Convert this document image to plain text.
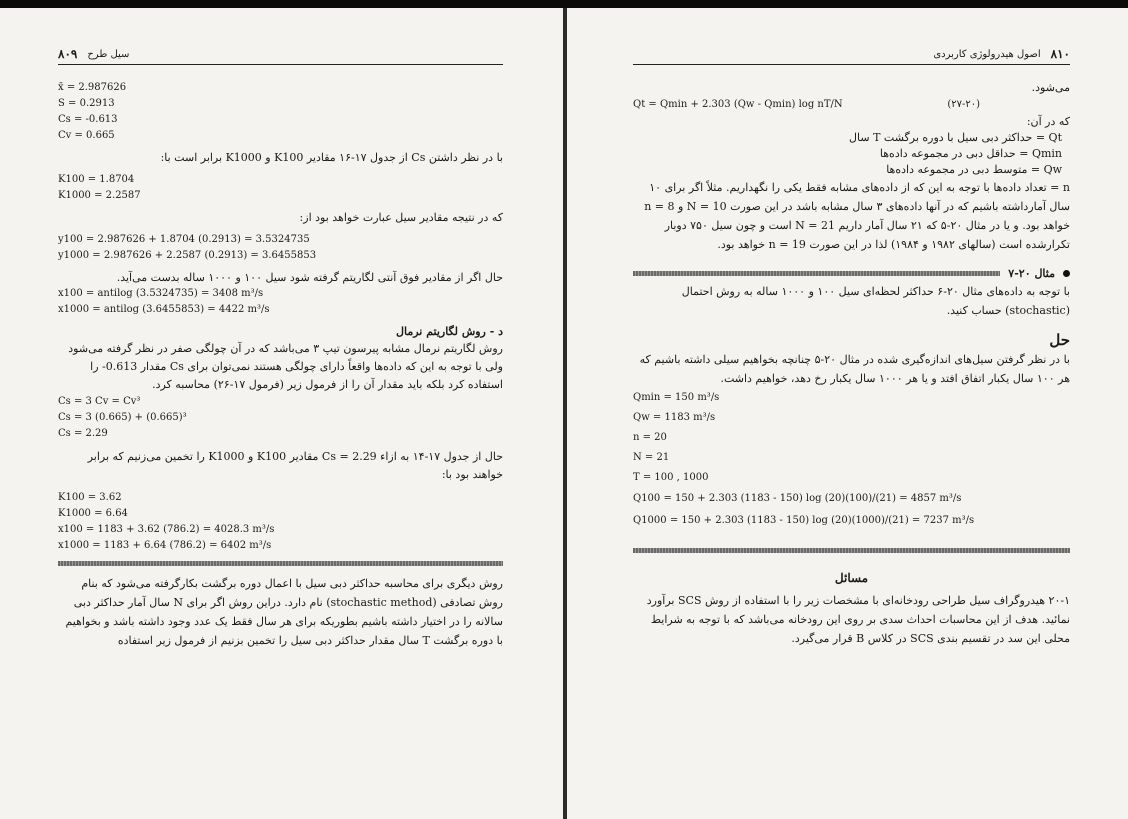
۸۰۹ سیل طرح
x̄ = 2.987626
S = 0.2913
Cs = -0.613
Cv = 0.665
با در نظر داشتن Cs از جدول ۱۷-۱۶ مقادیر K100 و K1000 برابر است با:
K100 = 1.8704
K1000 = 2.2587
که در نتیجه مقادیر سیل عبارت خواهد بود از:
y100 = 2.987626 + 1.8704 (0.2913) = 3.5324735
y1000 = 2.987626 + 2.2587 (0.2913) = 3.6455853
حال اگر از مقادیر فوق آنتی لگاریتم گرفته شود سیل ۱۰۰ و ۱۰۰۰ ساله بدست می‌آید.
x100 = antilog (3.5324735) = 3408 m³/s
x1000 = antilog (3.6455853) = 4422 m³/s
د - روش لگاریتم نرمال
روش لگاریتم نرمال مشابه پیرسون تیپ ۳ می‌باشد که در آن چولگی صفر در نظر گرفته می‌شود ولی با توجه به این که داده‌ها واقعاً دارای چولگی هستند نمی‌توان برای Cs مقدار 0.613- را استفاده کرد بلکه باید مقدار آن را از فرمول زیر (فرمول ۱۷-۲۶) محاسبه کرد.
Cs = 3 Cv = Cv³
Cs = 3 (0.665) + (0.665)³
Cs = 2.29
حال از جدول ۱۷-۱۴ به ازاء Cs = 2.29 مقادیر K100 و K1000 را تخمین می‌زنیم که برابر خواهند بود با:
K100 = 3.62
K1000 = 6.64
x100 = 1183 + 3.62 (786.2) = 4028.3 m³/s
x1000 = 1183 + 6.64 (786.2) = 6402 m³/s
روش دیگری برای محاسبه حداکثر دبی سیل با اعمال دوره برگشت بکارگرفته می‌شود که بنام روش تصادفی (stochastic method) نام دارد. دراین روش اگر برای N سال آمار حداکثر دبی سالانه را در اختیار داشته باشیم بطوریکه برای هر سال فقط یک عدد وجود داشته باشد و بخواهیم با دوره برگشت T سال مقدار حداکثر دبی سیل را تخمین بزنیم از فرمول زیر استفاده
اصول هیدرولوژی کاربردی ۸۱۰
می‌شود.
Qt = Qmin + 2.303 (Qw - Qmin) log nT/N	(۲۷-۲۰)
که در آن:
Qt = حداکثر دبی سیل با دوره برگشت T سال
Qmin = حداقل دبی در مجموعه داده‌ها
Qw = متوسط دبی در مجموعه داده‌ها
n = تعداد داده‌ها با توجه به این که از داده‌های مشابه فقط یکی را نگهداریم. مثلاً اگر برای ۱۰ سال آمارداشته باشیم که در آنها داده‌های ۳ سال مشابه باشد در این صورت N = 10 و n = 8 خواهد بود. و یا در مثال ۲۰-۵ که ۲۱ سال آمار داریم N = 21 است و چون سیل ۷۵۰ دوبار تکرارشده است (سالهای ۱۹۸۲ و ۱۹۸۴) لذا در این صورت n = 19 خواهد بود.
مثال ۲۰-۷
با توجه به داده‌های مثال ۲۰-۶ حداکثر لحظه‌ای سیل ۱۰۰ و ۱۰۰۰ ساله به روش احتمال (stochastic) حساب کنید.
حل
با در نظر گرفتن سیل‌های اندازه‌گیری شده در مثال ۲۰-۵ چنانچه بخواهیم سیلی داشته باشیم که هر ۱۰۰ سال یکبار اتفاق افتد و یا هر ۱۰۰۰ سال یکبار رخ دهد، خواهیم داشت.
Qmin = 150 m³/s
Qw = 1183 m³/s
n = 20
N = 21
T = 100 , 1000
Q100 = 150 + 2.303 (1183 - 150) log (20)(100)/(21) = 4857 m³/s
Q1000 = 150 + 2.303 (1183 - 150) log (20)(1000)/(21) = 7237 m³/s
مسائل
۲۰-۱ هیدروگراف سیل طراحی رودخانه‌ای با مشخصات زیر را با استفاده از روش SCS برآورد نمائید. هدف از این محاسبات احداث سدی بر روی این رودخانه می‌باشد که با توجه به شرایط محلی این سد در تقسیم بندی SCS در کلاس B قرار می‌گیرد.
